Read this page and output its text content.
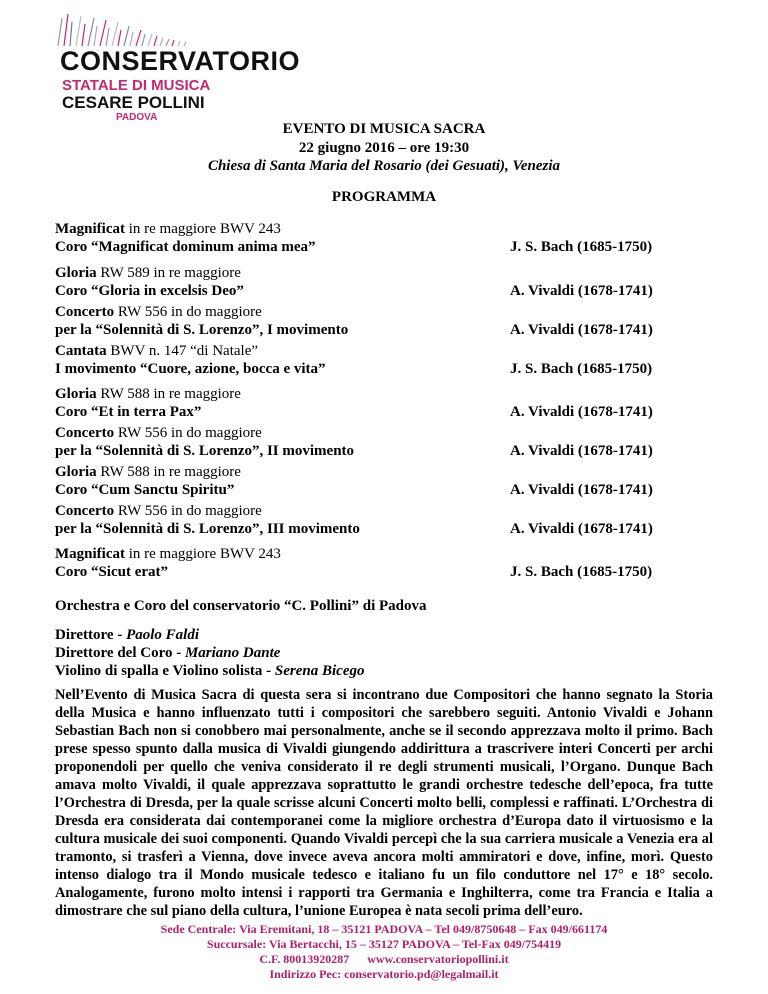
CONSERVATORIO
STATALE DI MUSICA
CESARE POLLINI
PADOVA
EVENTO DI MUSICA SACRA
22 giugno 2016 – ore 19:30
Chiesa di Santa Maria del Rosario (dei Gesuati), Venezia
PROGRAMMA
Magnificat in re maggiore BWV 243
Coro “Magnificat dominum anima mea”	J. S. Bach (1685-1750)
Gloria RW 589 in re maggiore
Coro “Gloria in excelsis Deo”	A. Vivaldi (1678-1741)
Concerto RW 556 in do maggiore
per la “Solennità di S. Lorenzo”, I movimento	A. Vivaldi (1678-1741)
Cantata BWV n. 147 “di Natale”
I movimento “Cuore, azione, bocca e vita”	J. S. Bach (1685-1750)
Gloria RW 588 in re maggiore
Coro “Et in terra Pax”	A. Vivaldi (1678-1741)
Concerto RW 556 in do maggiore
per la “Solennità di S. Lorenzo”, II movimento	A. Vivaldi (1678-1741)
Gloria RW 588 in re maggiore
Coro “Cum Sanctu Spiritu”	A. Vivaldi (1678-1741)
Concerto RW 556 in do maggiore
per la “Solennità di S. Lorenzo”, III movimento	A. Vivaldi (1678-1741)
Magnificat in re maggiore BWV 243
Coro “Sicut erat”	J. S. Bach (1685-1750)
Orchestra e Coro del conservatorio “C. Pollini” di Padova
Direttore - Paolo Faldi
Direttore del Coro - Mariano Dante
Violino di spalla e Violino solista - Serena Bicego
Nell’Evento di Musica Sacra di questa sera si incontrano due Compositori che hanno segnato la Storia della Musica e hanno influenzato tutti i compositori che sarebbero seguiti. Antonio Vivaldi e Johann Sebastian Bach non si conobbero mai personalmente, anche se il secondo apprezzava molto il primo. Bach prese spesso spunto dalla musica di Vivaldi giungendo addirittura a trascrivere interi Concerti per archi proponendoli per quello che veniva considerato il re degli strumenti musicali, l’Organo. Dunque Bach amava molto Vivaldi, il quale apprezzava soprattutto le grandi orchestre tedesche dell’epoca, fra tutte l’Orchestra di Dresda, per la quale scrisse alcuni Concerti molto belli, complessi e raffinati. L’Orchestra di Dresda era considerata dai contemporanei come la migliore orchestra d’Europa dato il virtuosismo e la cultura musicale dei suoi componenti. Quando Vivaldi percepì che la sua carriera musicale a Venezia era al tramonto, si trasferì a Vienna, dove invece aveva ancora molti ammiratori e dove, infine, morì. Questo intenso dialogo tra il Mondo musicale tedesco e italiano fu un filo conduttore nel 17° e 18° secolo. Analogamente, furono molto intensi i rapporti tra Germania e Inghilterra, come tra Francia e Italia a dimostrare che sul piano della cultura, l’unione Europea è nata secoli prima dell’euro.
Sede Centrale: Via Eremitani, 18 – 35121 PADOVA – Tel 049/8750648 – Fax 049/661174
Succursale: Via Bertacchi, 15 – 35127 PADOVA – Tel-Fax 049/754419
C.F. 80013920287      www.conservatoriopollini.it
Indirizzo Pec: conservatorio.pd@legalmail.it
